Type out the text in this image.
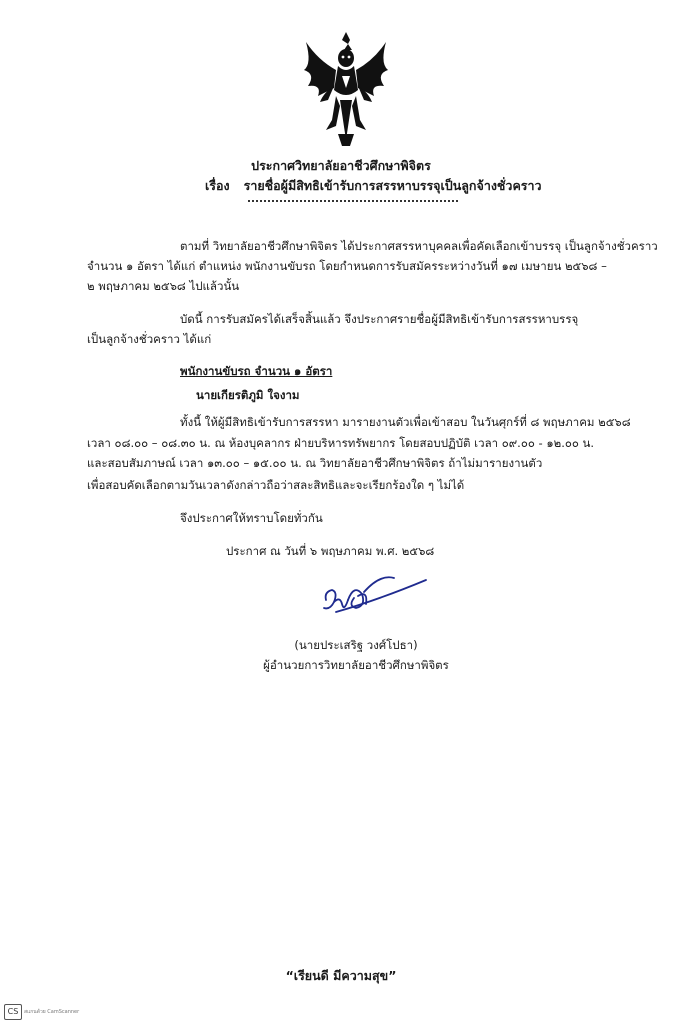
ประกาศวิทยาลัยอาชีวศึกษาพิจิตร
เรื่อง รายชื่อผู้มีสิทธิเข้ารับการสรรหาบรรจุเป็นลูกจ้างชั่วคราว
ตามที่ วิทยาลัยอาชีวศึกษาพิจิตร ได้ประกาศสรรหาบุคคลเพื่อคัดเลือกเข้าบรรจุ เป็นลูกจ้างชั่วคราว
จำนวน ๑ อัตรา ได้แก่ ตำแหน่ง พนักงานขับรถ โดยกำหนดการรับสมัครระหว่างวันที่ ๑๗ เมษายน ๒๕๖๘ –
๒ พฤษภาคม ๒๕๖๘ ไปแล้วนั้น
บัดนี้ การรับสมัครได้เสร็จสิ้นแล้ว จึงประกาศรายชื่อผู้มีสิทธิเข้ารับการสรรหาบรรจุ
เป็นลูกจ้างชั่วคราว ได้แก่
พนักงานขับรถ จำนวน ๑ อัตรา
นายเกียรติภูมิ ใจงาม
ทั้งนี้ ให้ผู้มีสิทธิเข้ารับการสรรหา มารายงานตัวเพื่อเข้าสอบ ในวันศุกร์ที่ ๘ พฤษภาคม ๒๕๖๘
เวลา ๐๘.๐๐ – ๐๘.๓๐ น. ณ ห้องบุคลากร ฝ่ายบริหารทรัพยากร โดยสอบปฏิบัติ เวลา ๐๙.๐๐ - ๑๒.๐๐ น.
และสอบสัมภาษณ์ เวลา ๑๓.๐๐ – ๑๕.๐๐ น. ณ วิทยาลัยอาชีวศึกษาพิจิตร ถ้าไม่มารายงานตัว
เพื่อสอบคัดเลือกตามวันเวลาดังกล่าวถือว่าสละสิทธิและจะเรียกร้องใด ๆ ไม่ได้
จึงประกาศให้ทราบโดยทั่วกัน
ประกาศ ณ วันที่ ๖ พฤษภาคม พ.ศ. ๒๕๖๘
(นายประเสริฐ วงศ์โปธา)
ผู้อำนวยการวิทยาลัยอาชีวศึกษาพิจิตร
“เรียนดี มีความสุข”
CS	สแกนด้วย CamScanner
